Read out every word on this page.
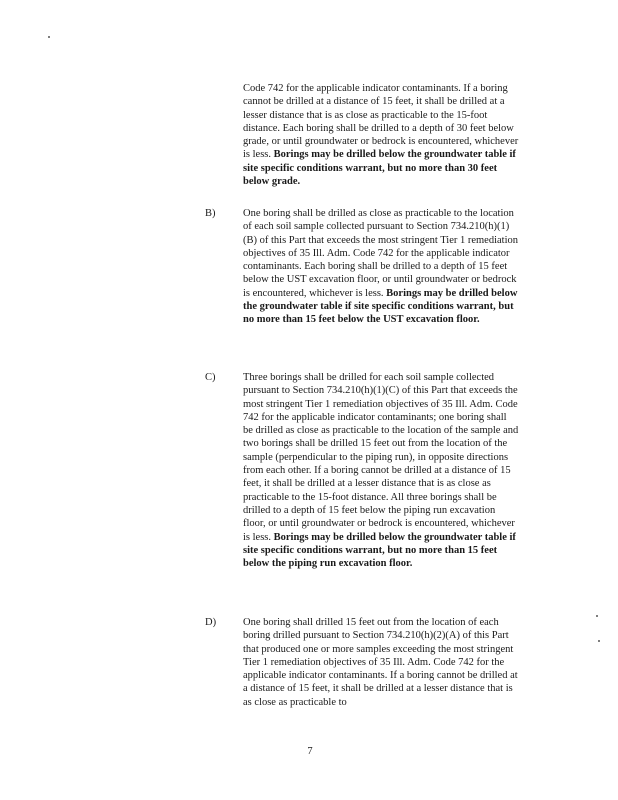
Code 742 for the applicable indicator contaminants. If a boring cannot be drilled at a distance of 15 feet, it shall be drilled at a lesser distance that is as close as practicable to the 15-foot distance. Each boring shall be drilled to a depth of 30 feet below grade, or until groundwater or bedrock is encountered, whichever is less. Borings may be drilled below the groundwater table if site specific conditions warrant, but no more than 30 feet below grade.
B)	One boring shall be drilled as close as practicable to the location of each soil sample collected pursuant to Section 734.210(h)(1)(B) of this Part that exceeds the most stringent Tier 1 remediation objectives of 35 Ill. Adm. Code 742 for the applicable indicator contaminants. Each boring shall be drilled to a depth of 15 feet below the UST excavation floor, or until groundwater or bedrock is encountered, whichever is less. Borings may be drilled below the groundwater table if site specific conditions warrant, but no more than 15 feet below the UST excavation floor.
C)	Three borings shall be drilled for each soil sample collected pursuant to Section 734.210(h)(1)(C) of this Part that exceeds the most stringent Tier 1 remediation objectives of 35 Ill. Adm. Code 742 for the applicable indicator contaminants; one boring shall be drilled as close as practicable to the location of the sample and two borings shall be drilled 15 feet out from the location of the sample (perpendicular to the piping run), in opposite directions from each other. If a boring cannot be drilled at a distance of 15 feet, it shall be drilled at a lesser distance that is as close as practicable to the 15-foot distance. All three borings shall be drilled to a depth of 15 feet below the piping run excavation floor, or until groundwater or bedrock is encountered, whichever is less. Borings may be drilled below the groundwater table if site specific conditions warrant, but no more than 15 feet below the piping run excavation floor.
D)	One boring shall drilled 15 feet out from the location of each boring drilled pursuant to Section 734.210(h)(2)(A) of this Part that produced one or more samples exceeding the most stringent Tier 1 remediation objectives of 35 Ill. Adm. Code 742 for the applicable indicator contaminants. If a boring cannot be drilled at a distance of 15 feet, it shall be drilled at a lesser distance that is as close as practicable to
7
